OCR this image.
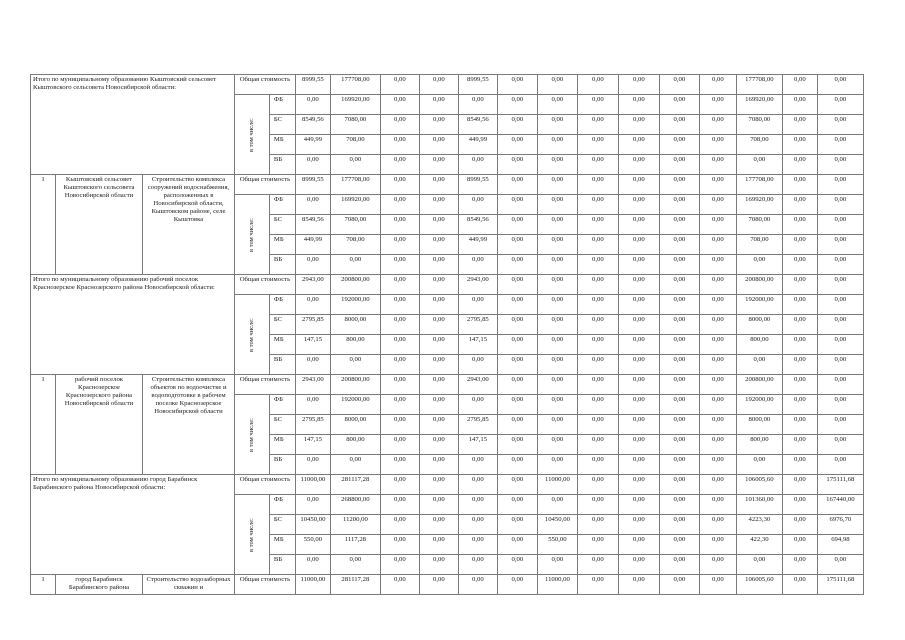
Итого по муниципальному образованию Кыштовский сельсовет Кыштовского сельсовета Новосибирской области:			Общая стоимость		8999,55	177708,00	0,00	0,00	8999,55	0,00	0,00	0,00	0,00	0,00	0,00	177708,00	0,00	0,00
			в том числе:	ФБ	0,00	169920,00	0,00	0,00	0,00	0,00	0,00	0,00	0,00	0,00	0,00	169920,00	0,00	0,00
				БС	8549,56	7080,00	0,00	0,00	8549,56	0,00	0,00	0,00	0,00	0,00	0,00	7080,00	0,00	0,00
				МБ	449,99	708,00	0,00	0,00	449,99	0,00	0,00	0,00	0,00	0,00	0,00	708,00	0,00	0,00
				ВБ	0,00	0,00	0,00	0,00	0,00	0,00	0,00	0,00	0,00	0,00	0,00	0,00	0,00	0,00
1	Кыштовский сельсовет Кыштовского сельсовета Новосибирской области	Строительство комплекса сооружений водоснабжения, расположенных в Новосибирской области, Кыштовском районе, селе Кыштовка	Общая стоимость		8999,55	177708,00	0,00	0,00	8999,55	0,00	0,00	0,00	0,00	0,00	0,00	177708,00	0,00	0,00
			в том числе:	ФБ	0,00	169920,00	0,00	0,00	0,00	0,00	0,00	0,00	0,00	0,00	0,00	169920,00	0,00	0,00
				БС	8549,56	7080,00	0,00	0,00	8549,56	0,00	0,00	0,00	0,00	0,00	0,00	7080,00	0,00	0,00
				МБ	449,99	708,00	0,00	0,00	449,99	0,00	0,00	0,00	0,00	0,00	0,00	708,00	0,00	0,00
				ВБ	0,00	0,00	0,00	0,00	0,00	0,00	0,00	0,00	0,00	0,00	0,00	0,00	0,00	0,00
Итого по муниципальному образованию рабочий поселок Краснозерское Краснозерского района Новосибирской области:			Общая стоимость		2943,00	200800,00	0,00	0,00	2943,00	0,00	0,00	0,00	0,00	0,00	0,00	200800,00	0,00	0,00
			в том числе:	ФБ	0,00	192000,00	0,00	0,00	0,00	0,00	0,00	0,00	0,00	0,00	0,00	192000,00	0,00	0,00
				БС	2795,85	8000,00	0,00	0,00	2795,85	0,00	0,00	0,00	0,00	0,00	0,00	8000,00	0,00	0,00
				МБ	147,15	800,00	0,00	0,00	147,15	0,00	0,00	0,00	0,00	0,00	0,00	800,00	0,00	0,00
				ВБ	0,00	0,00	0,00	0,00	0,00	0,00	0,00	0,00	0,00	0,00	0,00	0,00	0,00	0,00
1	рабочий поселок Краснозерское Краснозерского района Новосибирской области	Строительство комплекса объектов по водоочистке и водоподготовке в рабочем поселке Краснозерское Новосибирской области	Общая стоимость		2943,00	200800,00	0,00	0,00	2943,00	0,00	0,00	0,00	0,00	0,00	0,00	200800,00	0,00	0,00
			в том числе:	ФБ	0,00	192000,00	0,00	0,00	0,00	0,00	0,00	0,00	0,00	0,00	0,00	192000,00	0,00	0,00
				БС	2795,85	8000,00	0,00	0,00	2795,85	0,00	0,00	0,00	0,00	0,00	0,00	8000,00	0,00	0,00
				МБ	147,15	800,00	0,00	0,00	147,15	0,00	0,00	0,00	0,00	0,00	0,00	800,00	0,00	0,00
				ВБ	0,00	0,00	0,00	0,00	0,00	0,00	0,00	0,00	0,00	0,00	0,00	0,00	0,00	0,00
Итого по муниципальному образованию город Барабинск Барабинского района Новосибирской области:			Общая стоимость		11000,00	281117,28	0,00	0,00	0,00	0,00	11000,00	0,00	0,00	0,00	0,00	106005,60	0,00	175111,68
			в том числе:	ФБ	0,00	268800,00	0,00	0,00	0,00	0,00	0,00	0,00	0,00	0,00	0,00	101360,00	0,00	167440,00
				БС	10450,00	11200,00	0,00	0,00	0,00	0,00	10450,00	0,00	0,00	0,00	0,00	4223,30	0,00	6976,70
				МБ	550,00	1117,28	0,00	0,00	0,00	0,00	550,00	0,00	0,00	0,00	0,00	422,30	0,00	694,98
				ВБ	0,00	0,00	0,00	0,00	0,00	0,00	0,00	0,00	0,00	0,00	0,00	0,00	0,00	0,00
1	город Барабинск Барабинского района	Строительство водозаборных скважин и	Общая стоимость		11000,00	281117,28	0,00	0,00	0,00	0,00	11000,00	0,00	0,00	0,00	0,00	106005,60	0,00	175111,68
